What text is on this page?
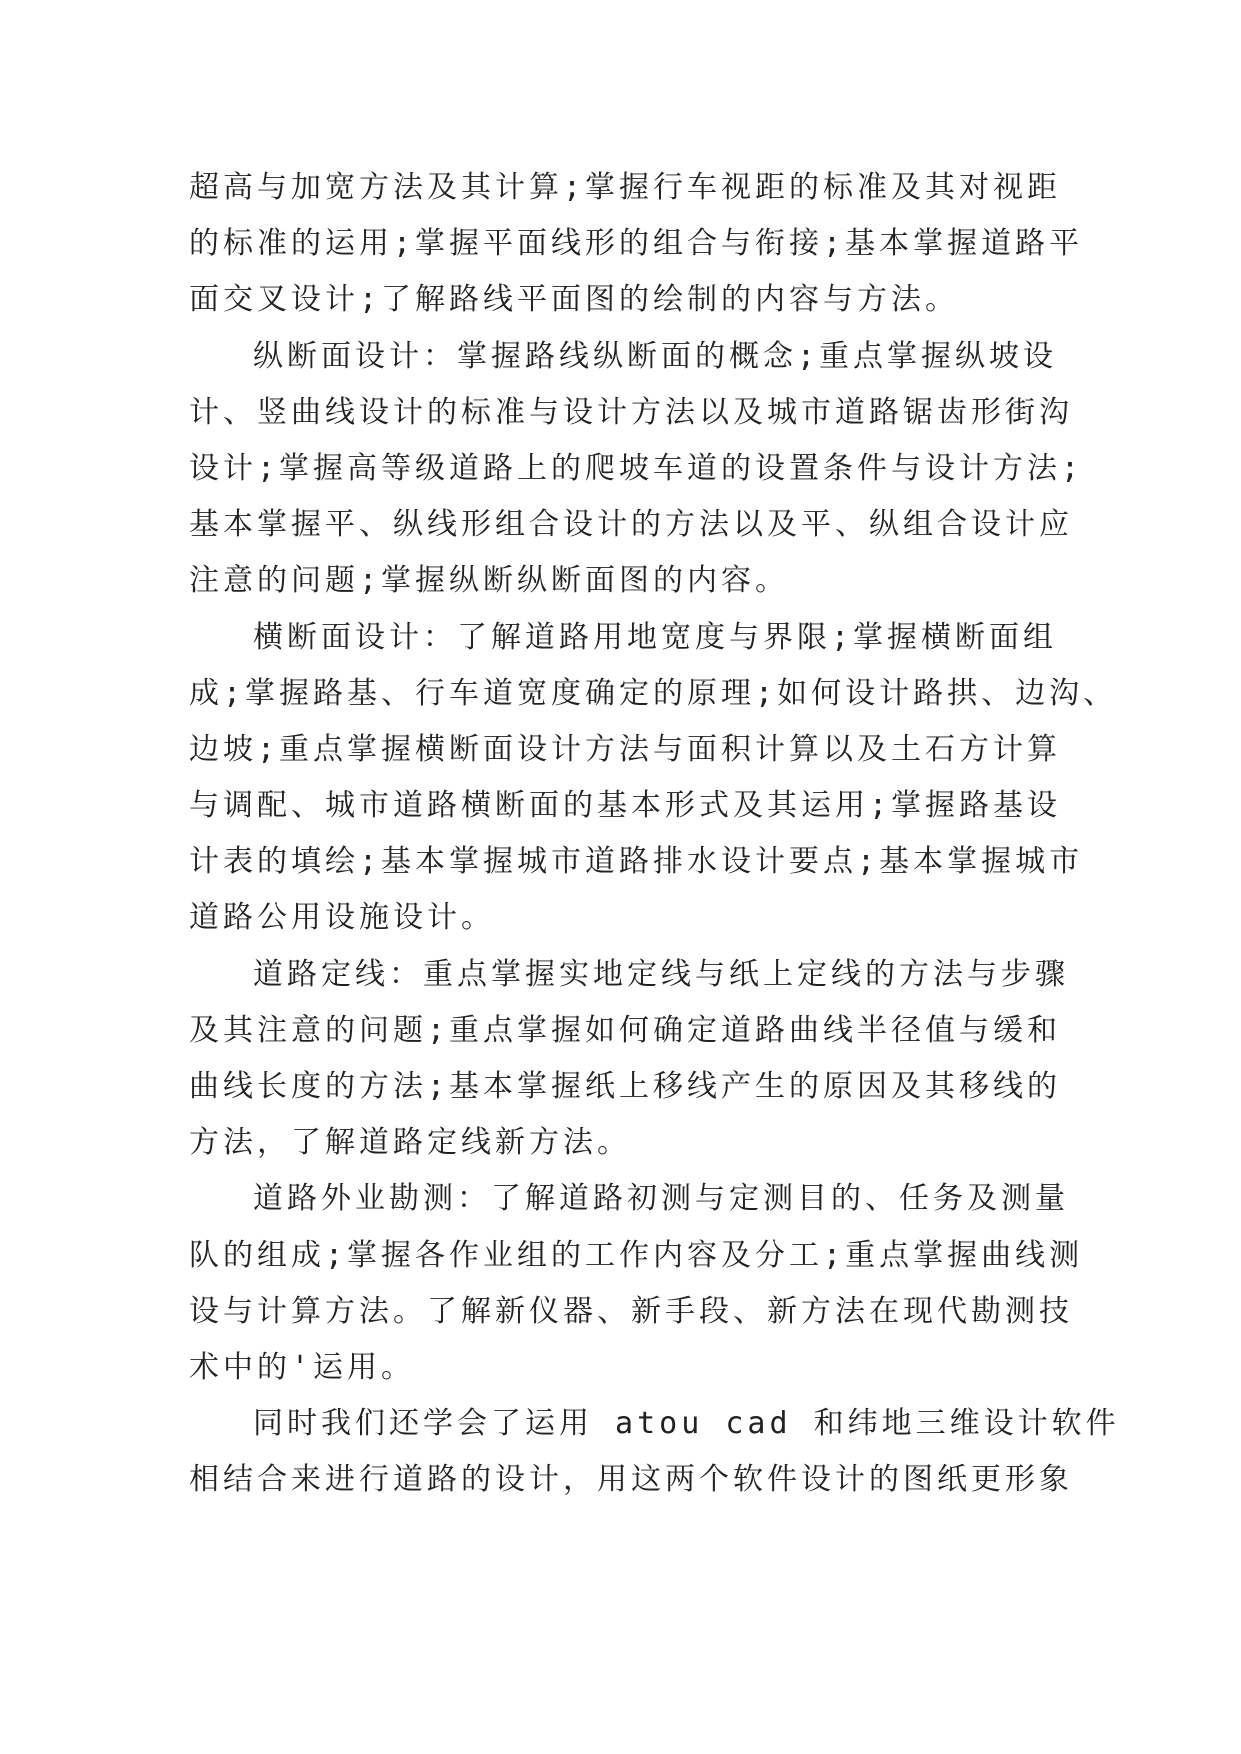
超高与加宽方法及其计算;掌握行车视距的标准及其对视距
的标准的运用;掌握平面线形的组合与衔接;基本掌握道路平
面交叉设计;了解路线平面图的绘制的内容与方法。
纵断面设计：掌握路线纵断面的概念;重点掌握纵坡设
计、竖曲线设计的标准与设计方法以及城市道路锯齿形街沟
设计;掌握高等级道路上的爬坡车道的设置条件与设计方法;
基本掌握平、纵线形组合设计的方法以及平、纵组合设计应
注意的问题;掌握纵断纵断面图的内容。
横断面设计：了解道路用地宽度与界限;掌握横断面组
成;掌握路基、行车道宽度确定的原理;如何设计路拱、边沟、
边坡;重点掌握横断面设计方法与面积计算以及土石方计算
与调配、城市道路横断面的基本形式及其运用;掌握路基设
计表的填绘;基本掌握城市道路排水设计要点;基本掌握城市
道路公用设施设计。
道路定线：重点掌握实地定线与纸上定线的方法与步骤
及其注意的问题;重点掌握如何确定道路曲线半径值与缓和
曲线长度的方法;基本掌握纸上移线产生的原因及其移线的
方法，了解道路定线新方法。
道路外业勘测：了解道路初测与定测目的、任务及测量
队的组成;掌握各作业组的工作内容及分工;重点掌握曲线测
设与计算方法。了解新仪器、新手段、新方法在现代勘测技
术中的'运用。
同时我们还学会了运用 atou cad 和纬地三维设计软件
相结合来进行道路的设计，用这两个软件设计的图纸更形象
